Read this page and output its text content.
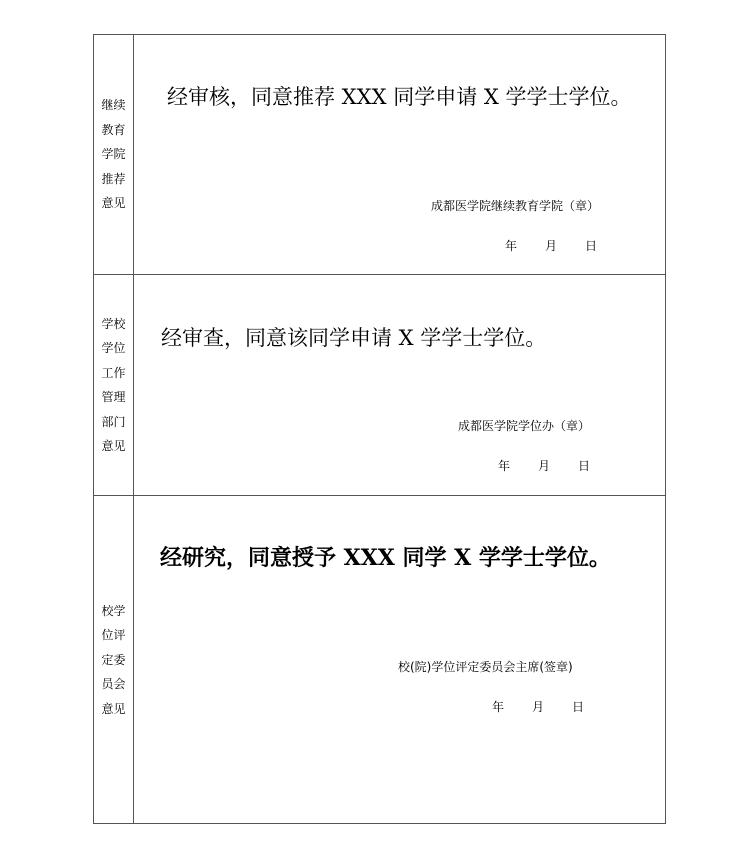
继续
教育
学院
推荐
意见
经审核，同意推荐 XXX 同学申请 X 学学士学位。
成都医学院继续教育学院（章）
年 月 日
学校
学位
工作
管理
部门
意见
经审查，同意该同学申请 X 学学士学位。
成都医学院学位办（章）
年 月 日
校学
位评
定委
员会
意见
经研究，同意授予 XXX 同学 X 学学士学位。
校(院)学位评定委员会主席(签章)
年 月 日
